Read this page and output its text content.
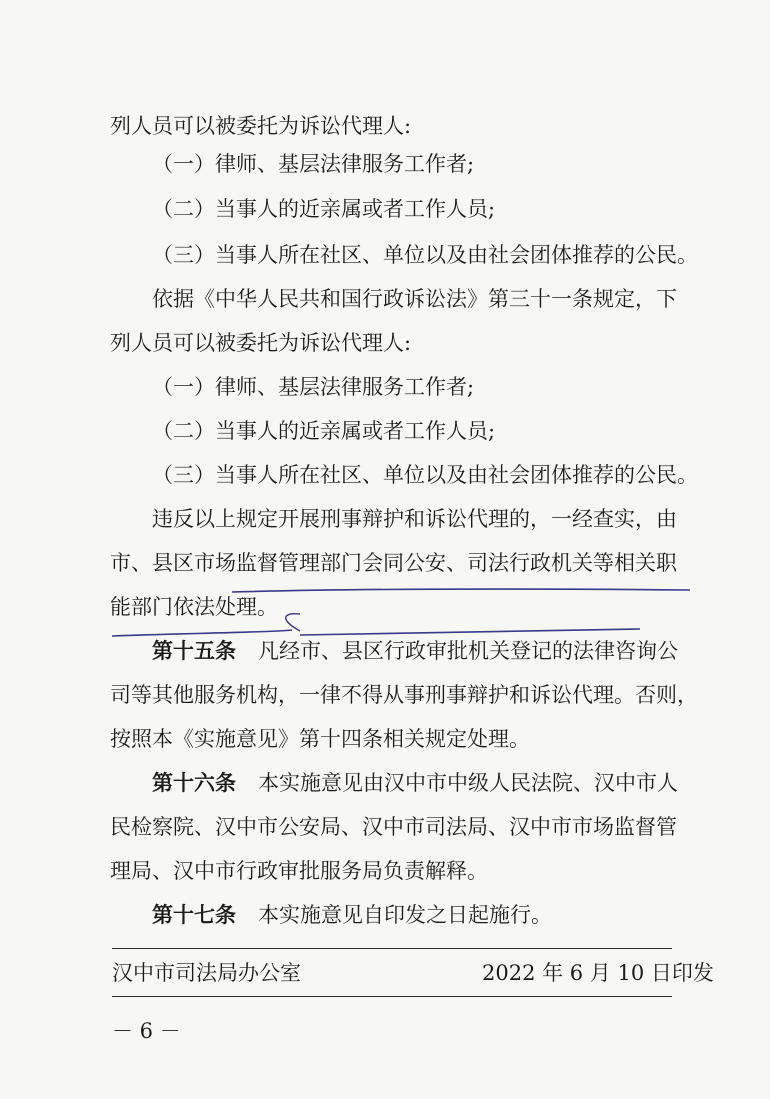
列人员可以被委托为诉讼代理人:
（一）律师、基层法律服务工作者;
（二）当事人的近亲属或者工作人员;
（三）当事人所在社区、单位以及由社会团体推荐的公民。
依据《中华人民共和国行政诉讼法》第三十一条规定，下
列人员可以被委托为诉讼代理人:
（一）律师、基层法律服务工作者;
（二）当事人的近亲属或者工作人员;
（三）当事人所在社区、单位以及由社会团体推荐的公民。
违反以上规定开展刑事辩护和诉讼代理的，一经查实，由
市、县区市场监督管理部门会同公安、司法行政机关等相关职
能部门依法处理。
第十五条 凡经市、县区行政审批机关登记的法律咨询公
司等其他服务机构，一律不得从事刑事辩护和诉讼代理。否则，
按照本《实施意见》第十四条相关规定处理。
第十六条 本实施意见由汉中市中级人民法院、汉中市人
民检察院、汉中市公安局、汉中市司法局、汉中市市场监督管
理局、汉中市行政审批服务局负责解释。
第十七条 本实施意见自印发之日起施行。
汉中市司法局办公室	2022 年 6 月 10 日印发
－ 6 －
